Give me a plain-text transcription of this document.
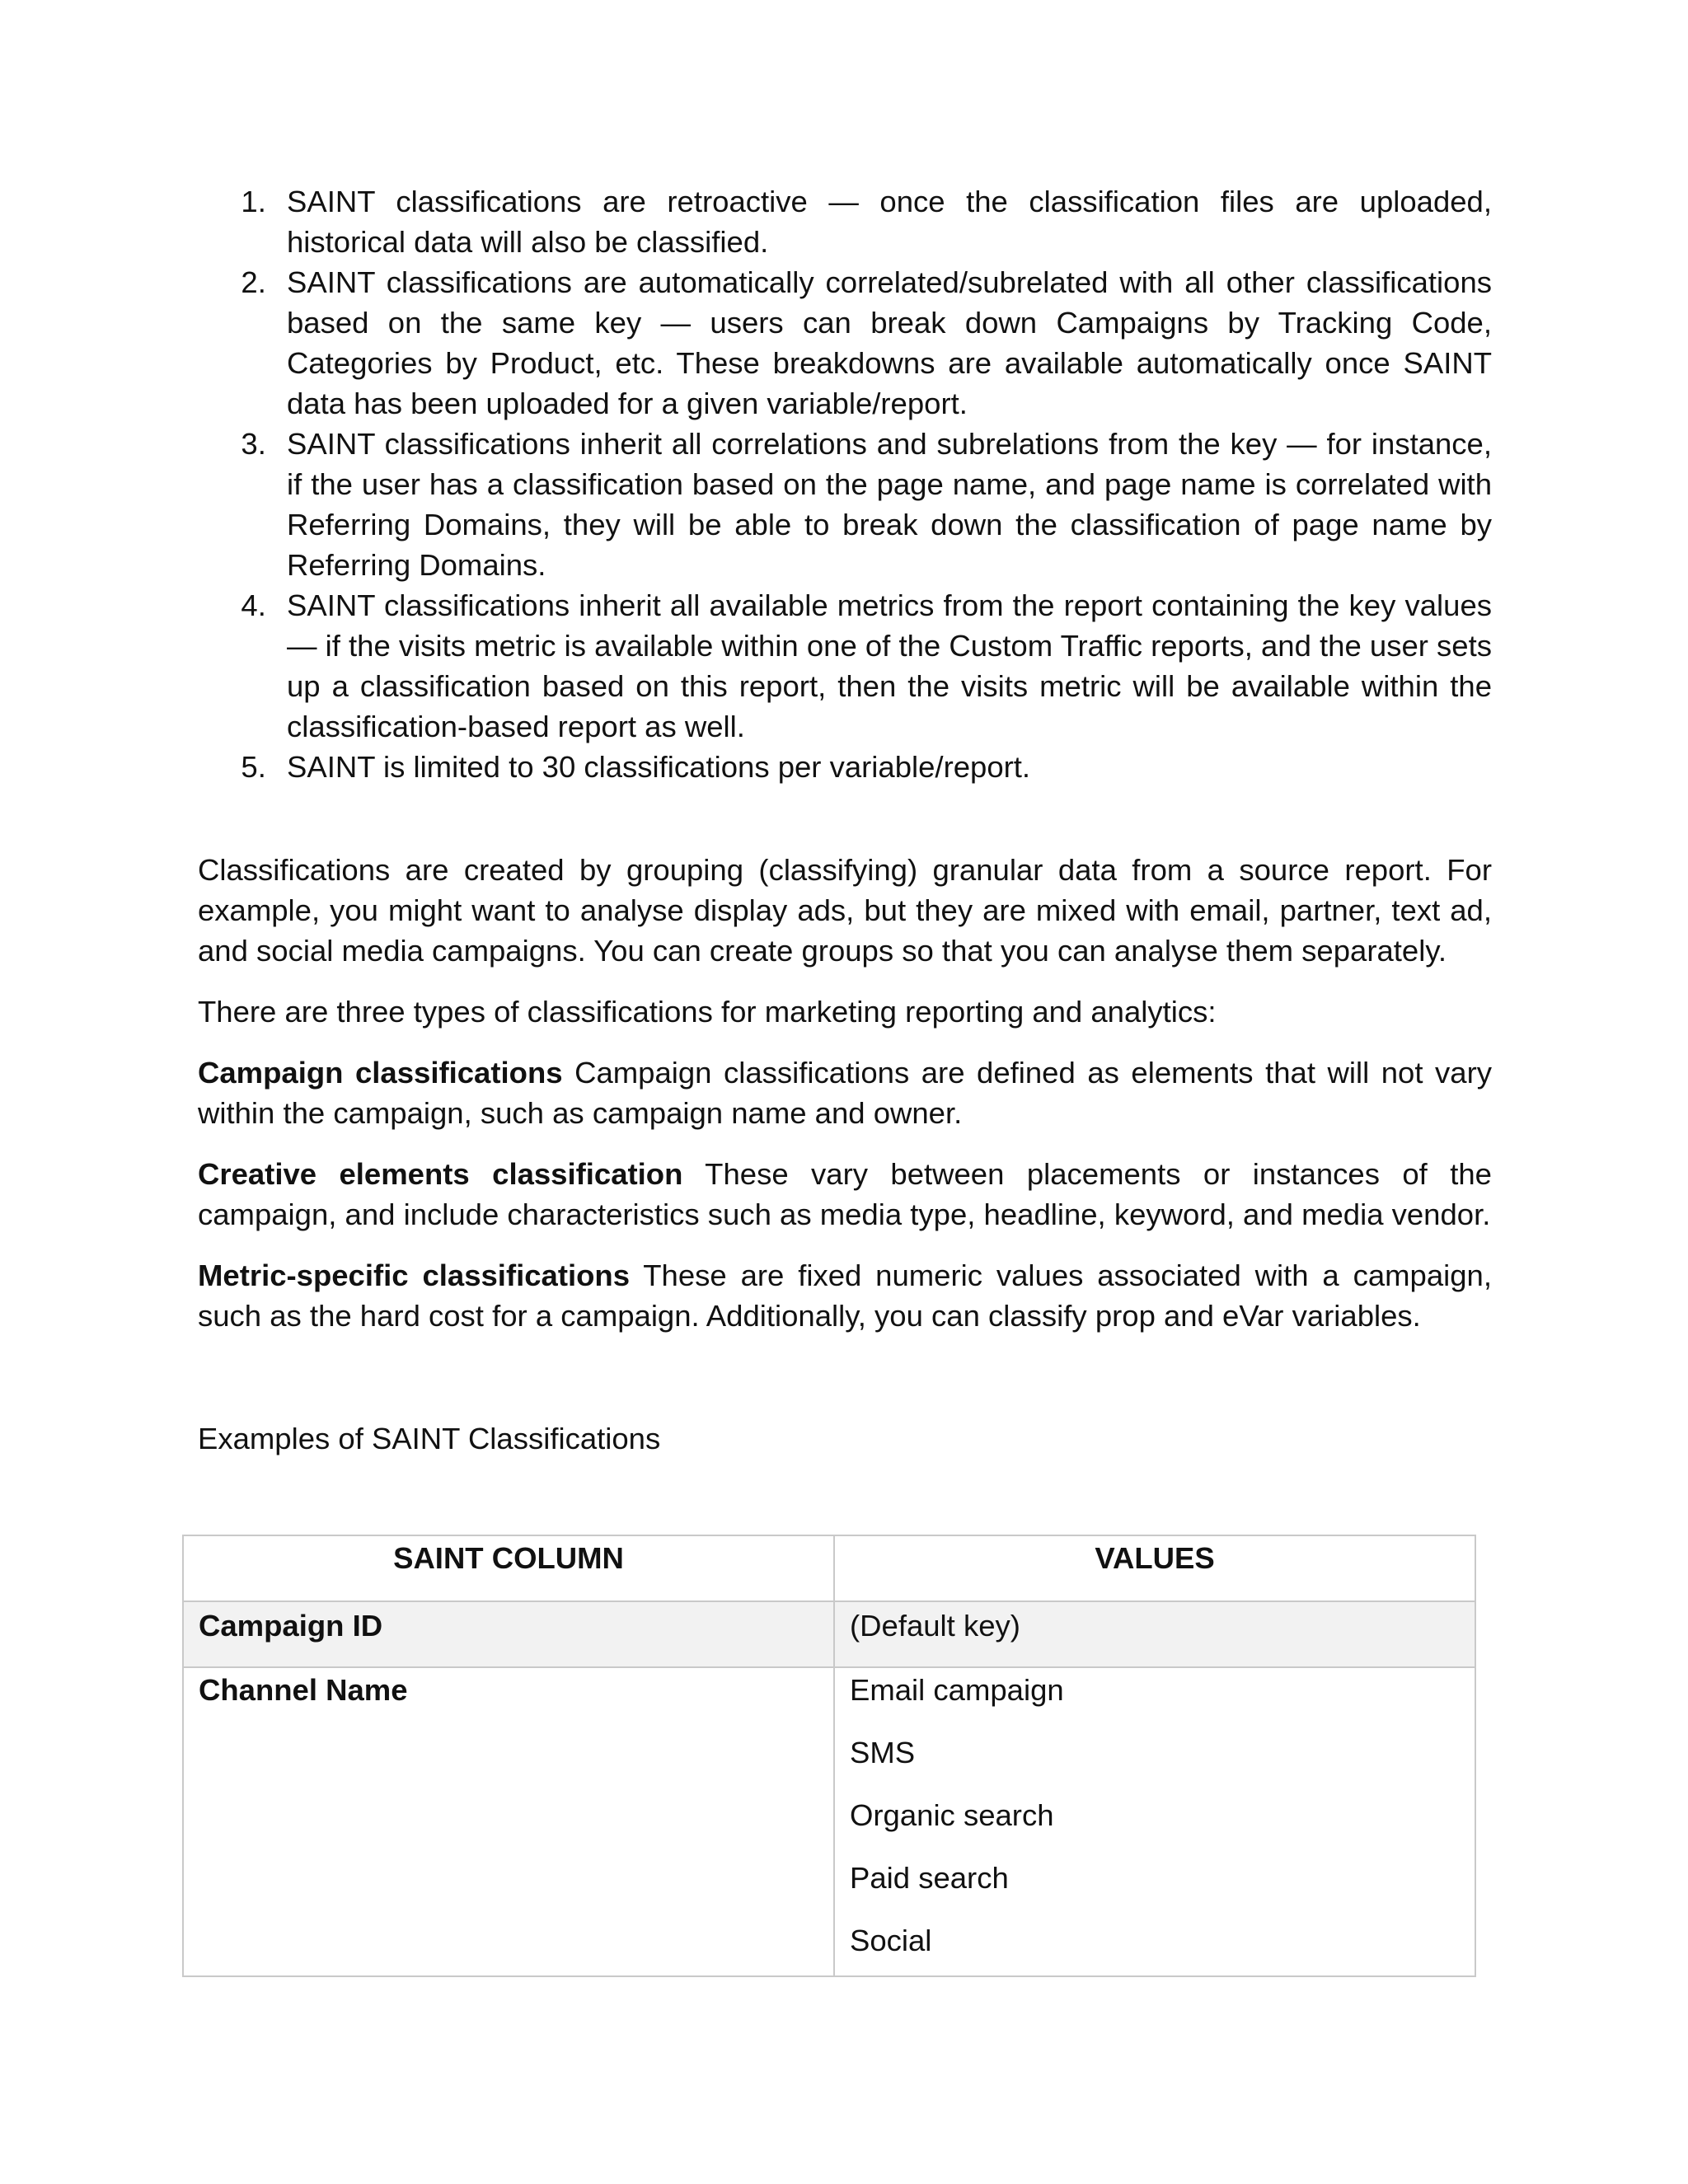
1. SAINT classifications are retroactive — once the classification files are uploaded, historical data will also be classified.
2. SAINT classifications are automatically correlated/subrelated with all other classifications based on the same key — users can break down Campaigns by Tracking Code, Categories by Product, etc. These breakdowns are available automatically once SAINT data has been uploaded for a given variable/report.
3. SAINT classifications inherit all correlations and subrelations from the key — for instance, if the user has a classification based on the page name, and page name is correlated with Referring Domains, they will be able to break down the classification of page name by Referring Domains.
4. SAINT classifications inherit all available metrics from the report containing the key values — if the visits metric is available within one of the Custom Traffic reports, and the user sets up a classification based on this report, then the visits metric will be available within the classification-based report as well.
5. SAINT is limited to 30 classifications per variable/report.

Classifications are created by grouping (classifying) granular data from a source report. For example, you might want to analyse display ads, but they are mixed with email, partner, text ad, and social media campaigns. You can create groups so that you can analyse them separately.

There are three types of classifications for marketing reporting and analytics:

Campaign classifications Campaign classifications are defined as elements that will not vary within the campaign, such as campaign name and owner.

Creative elements classification These vary between placements or instances of the campaign, and include characteristics such as media type, headline, keyword, and media vendor.

Metric-specific classifications These are fixed numeric values associated with a campaign, such as the hard cost for a campaign. Additionally, you can classify prop and eVar variables.

Examples of SAINT Classifications

SAINT COLUMN	VALUES
Campaign ID	(Default key)

Channel Name	Email campaign
SMS
Organic search
Paid search
Social
